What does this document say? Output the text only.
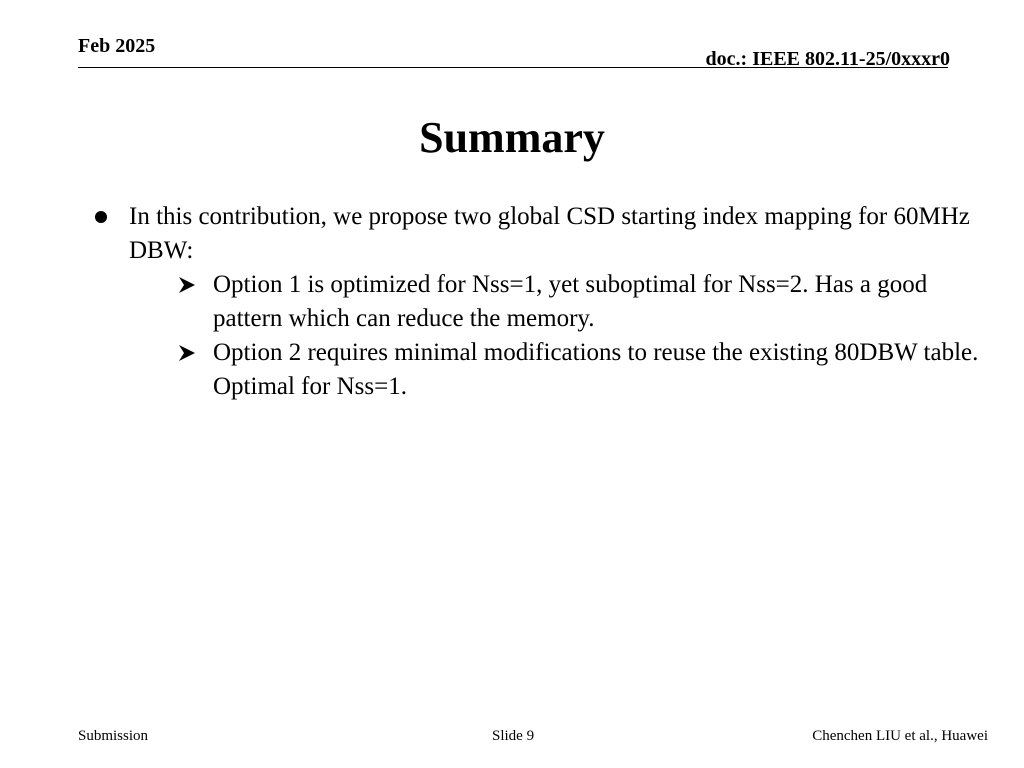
Feb 2025
doc.: IEEE 802.11-25/0xxxr0
Summary
In this contribution, we propose two global CSD starting index mapping for 60MHz DBW:
Option 1 is optimized for Nss=1, yet suboptimal for Nss=2. Has a good pattern which can reduce the memory.
Option 2 requires minimal modifications to reuse the existing 80DBW table. Optimal for Nss=1.
Submission	Slide 9	Chenchen LIU et al., Huawei
